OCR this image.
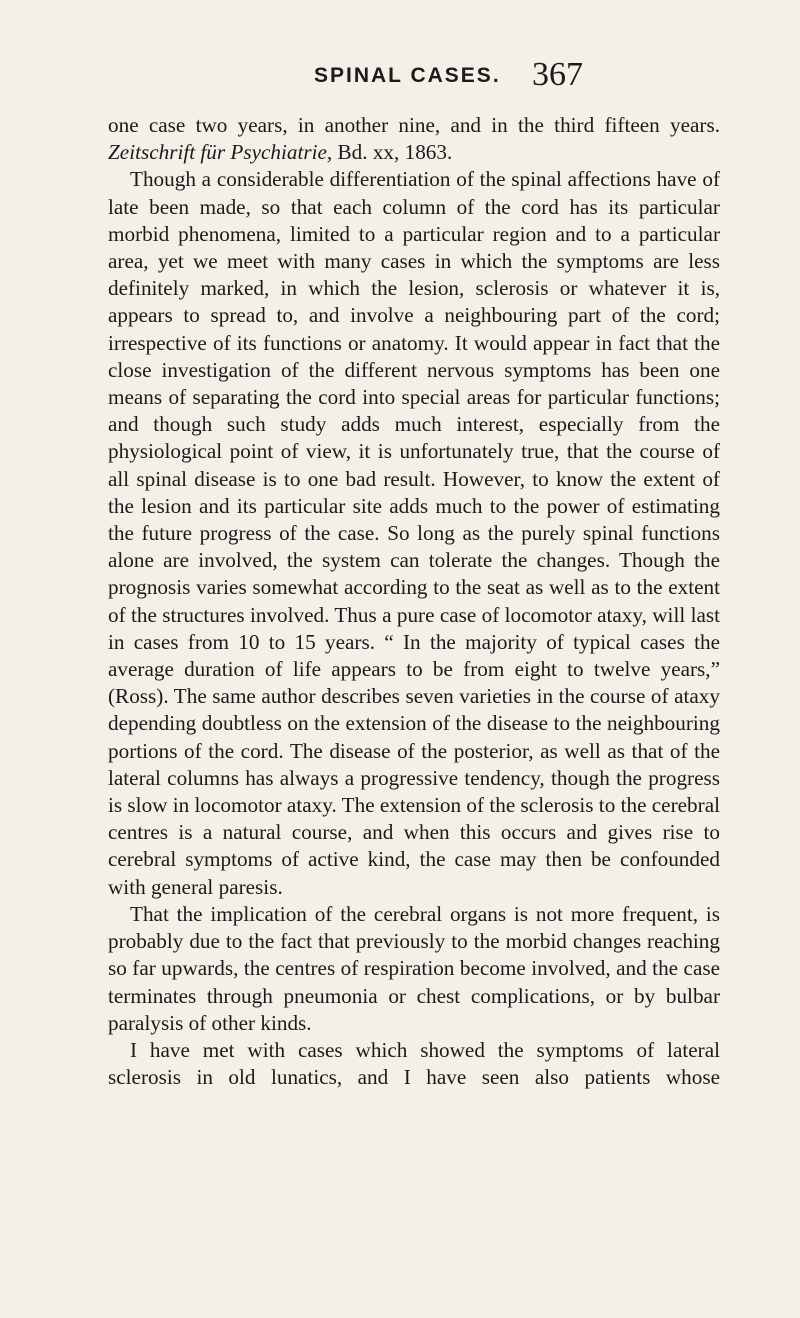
SPINAL CASES. 367

one case two years, in another nine, and in the third fifteen years. Zeitschrift für Psychiatrie, Bd. xx, 1863.

Though a considerable differentiation of the spinal affections have of late been made, so that each column of the cord has its particular morbid phenomena, limited to a particular region and to a particular area, yet we meet with many cases in which the symptoms are less definitely marked, in which the lesion, sclerosis or whatever it is, appears to spread to, and involve a neighbouring part of the cord; irrespective of its functions or anatomy. It would appear in fact that the close investigation of the different nervous symptoms has been one means of separating the cord into special areas for particular functions; and though such study adds much interest, especially from the physiological point of view, it is unfortunately true, that the course of all spinal disease is to one bad result. However, to know the extent of the lesion and its particular site adds much to the power of estimating the future progress of the case. So long as the purely spinal functions alone are involved, the system can tolerate the changes. Though the prognosis varies somewhat according to the seat as well as to the extent of the structures involved. Thus a pure case of locomotor ataxy, will last in cases from 10 to 15 years. “ In the majority of typical cases the average duration of life appears to be from eight to twelve years,” (Ross). The same author describes seven varieties in the course of ataxy depending doubtless on the extension of the disease to the neighbouring portions of the cord. The disease of the posterior, as well as that of the lateral columns has always a progressive tendency, though the progress is slow in locomotor ataxy. The extension of the sclerosis to the cerebral centres is a natural course, and when this occurs and gives rise to cerebral symptoms of active kind, the case may then be confounded with general paresis.

That the implication of the cerebral organs is not more frequent, is probably due to the fact that previously to the morbid changes reaching so far upwards, the centres of respiration become involved, and the case terminates through pneumonia or chest complications, or by bulbar paralysis of other kinds.

I have met with cases which showed the symptoms of lateral sclerosis in old lunatics, and I have seen also patients whose
